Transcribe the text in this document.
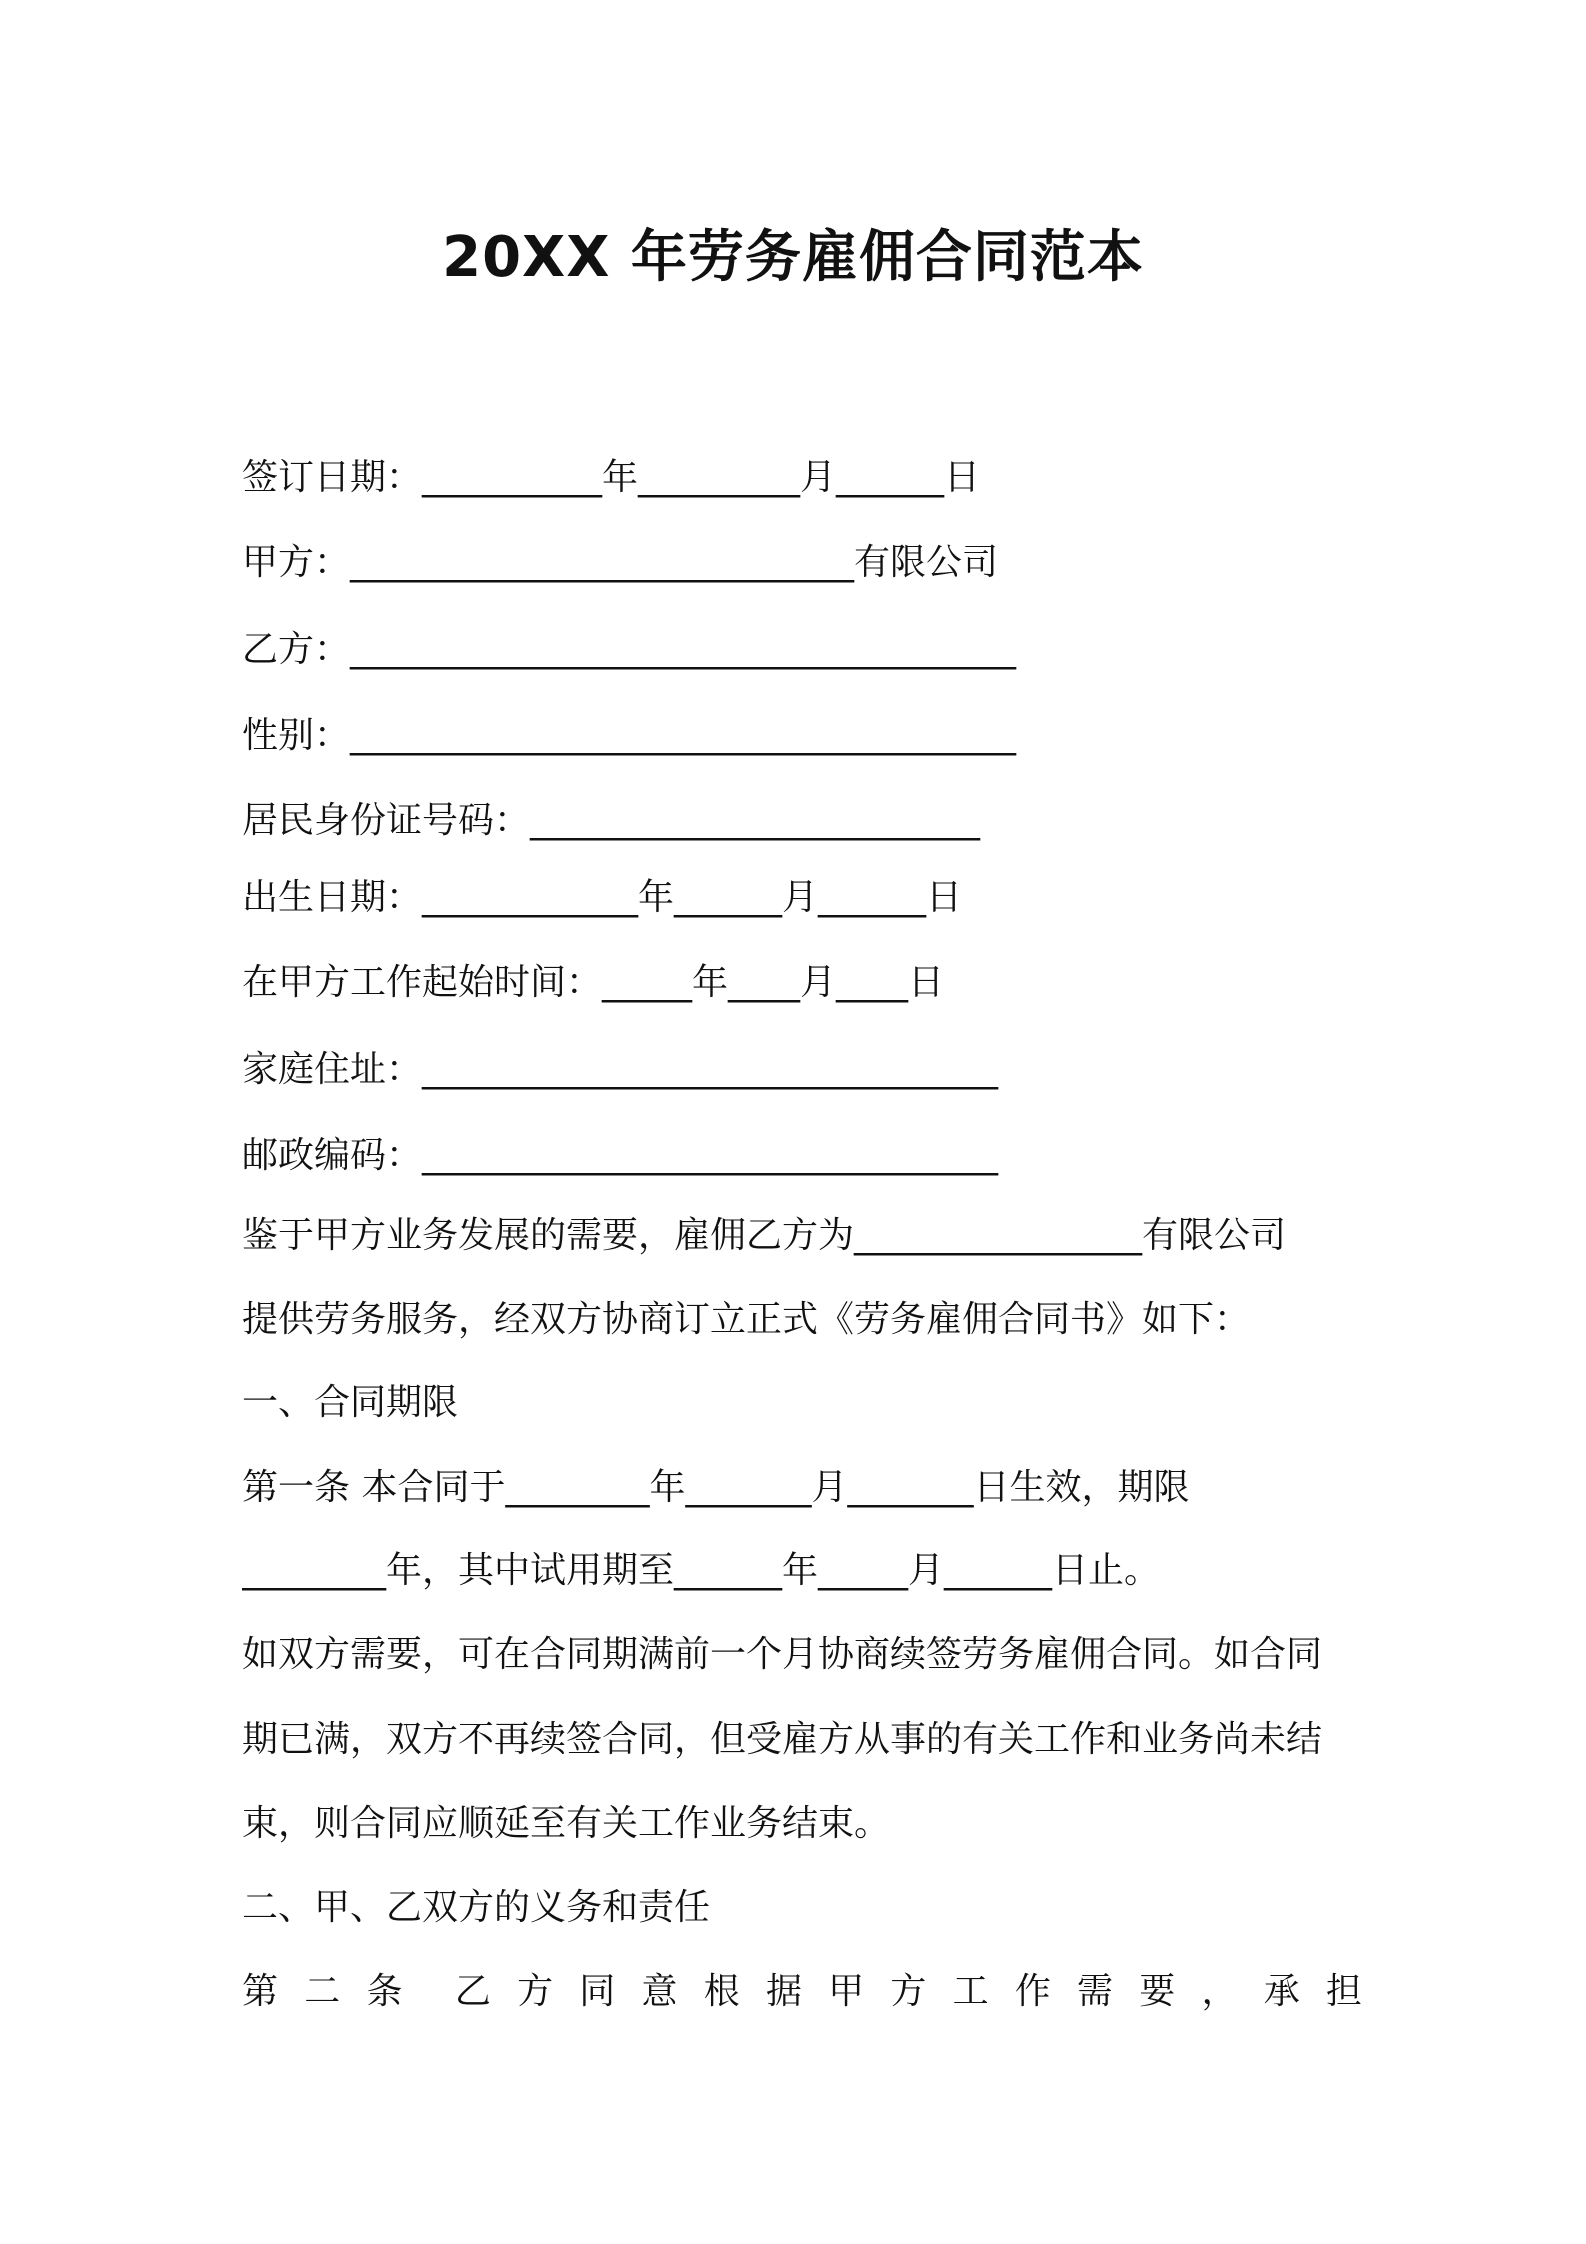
20XX 年劳务雇佣合同范本
签订日期：__________年_________月______日
甲方：____________________________有限公司
乙方：_____________________________________
性别：_____________________________________
居民身份证号码：_________________________
出生日期：____________年______月______日
在甲方工作起始时间：_____年____月____日
家庭住址：________________________________
邮政编码：________________________________
鉴于甲方业务发展的需要，雇佣乙方为________________有限公司
提供劳务服务，经双方协商订立正式《劳务雇佣合同书》如下：
一、合同期限
第一条 本合同于________年_______月_______日生效，期限
________年，其中试用期至______年_____月______日止。
如双方需要，可在合同期满前一个月协商续签劳务雇佣合同。如合同
期已满，双方不再续签合同，但受雇方从事的有关工作和业务尚未结
束，则合同应顺延至有关工作业务结束。
二、甲、乙双方的义务和责任
第 二 条 乙 方 同 意 根 据 甲 方 工 作 需 要 ， 承 担
